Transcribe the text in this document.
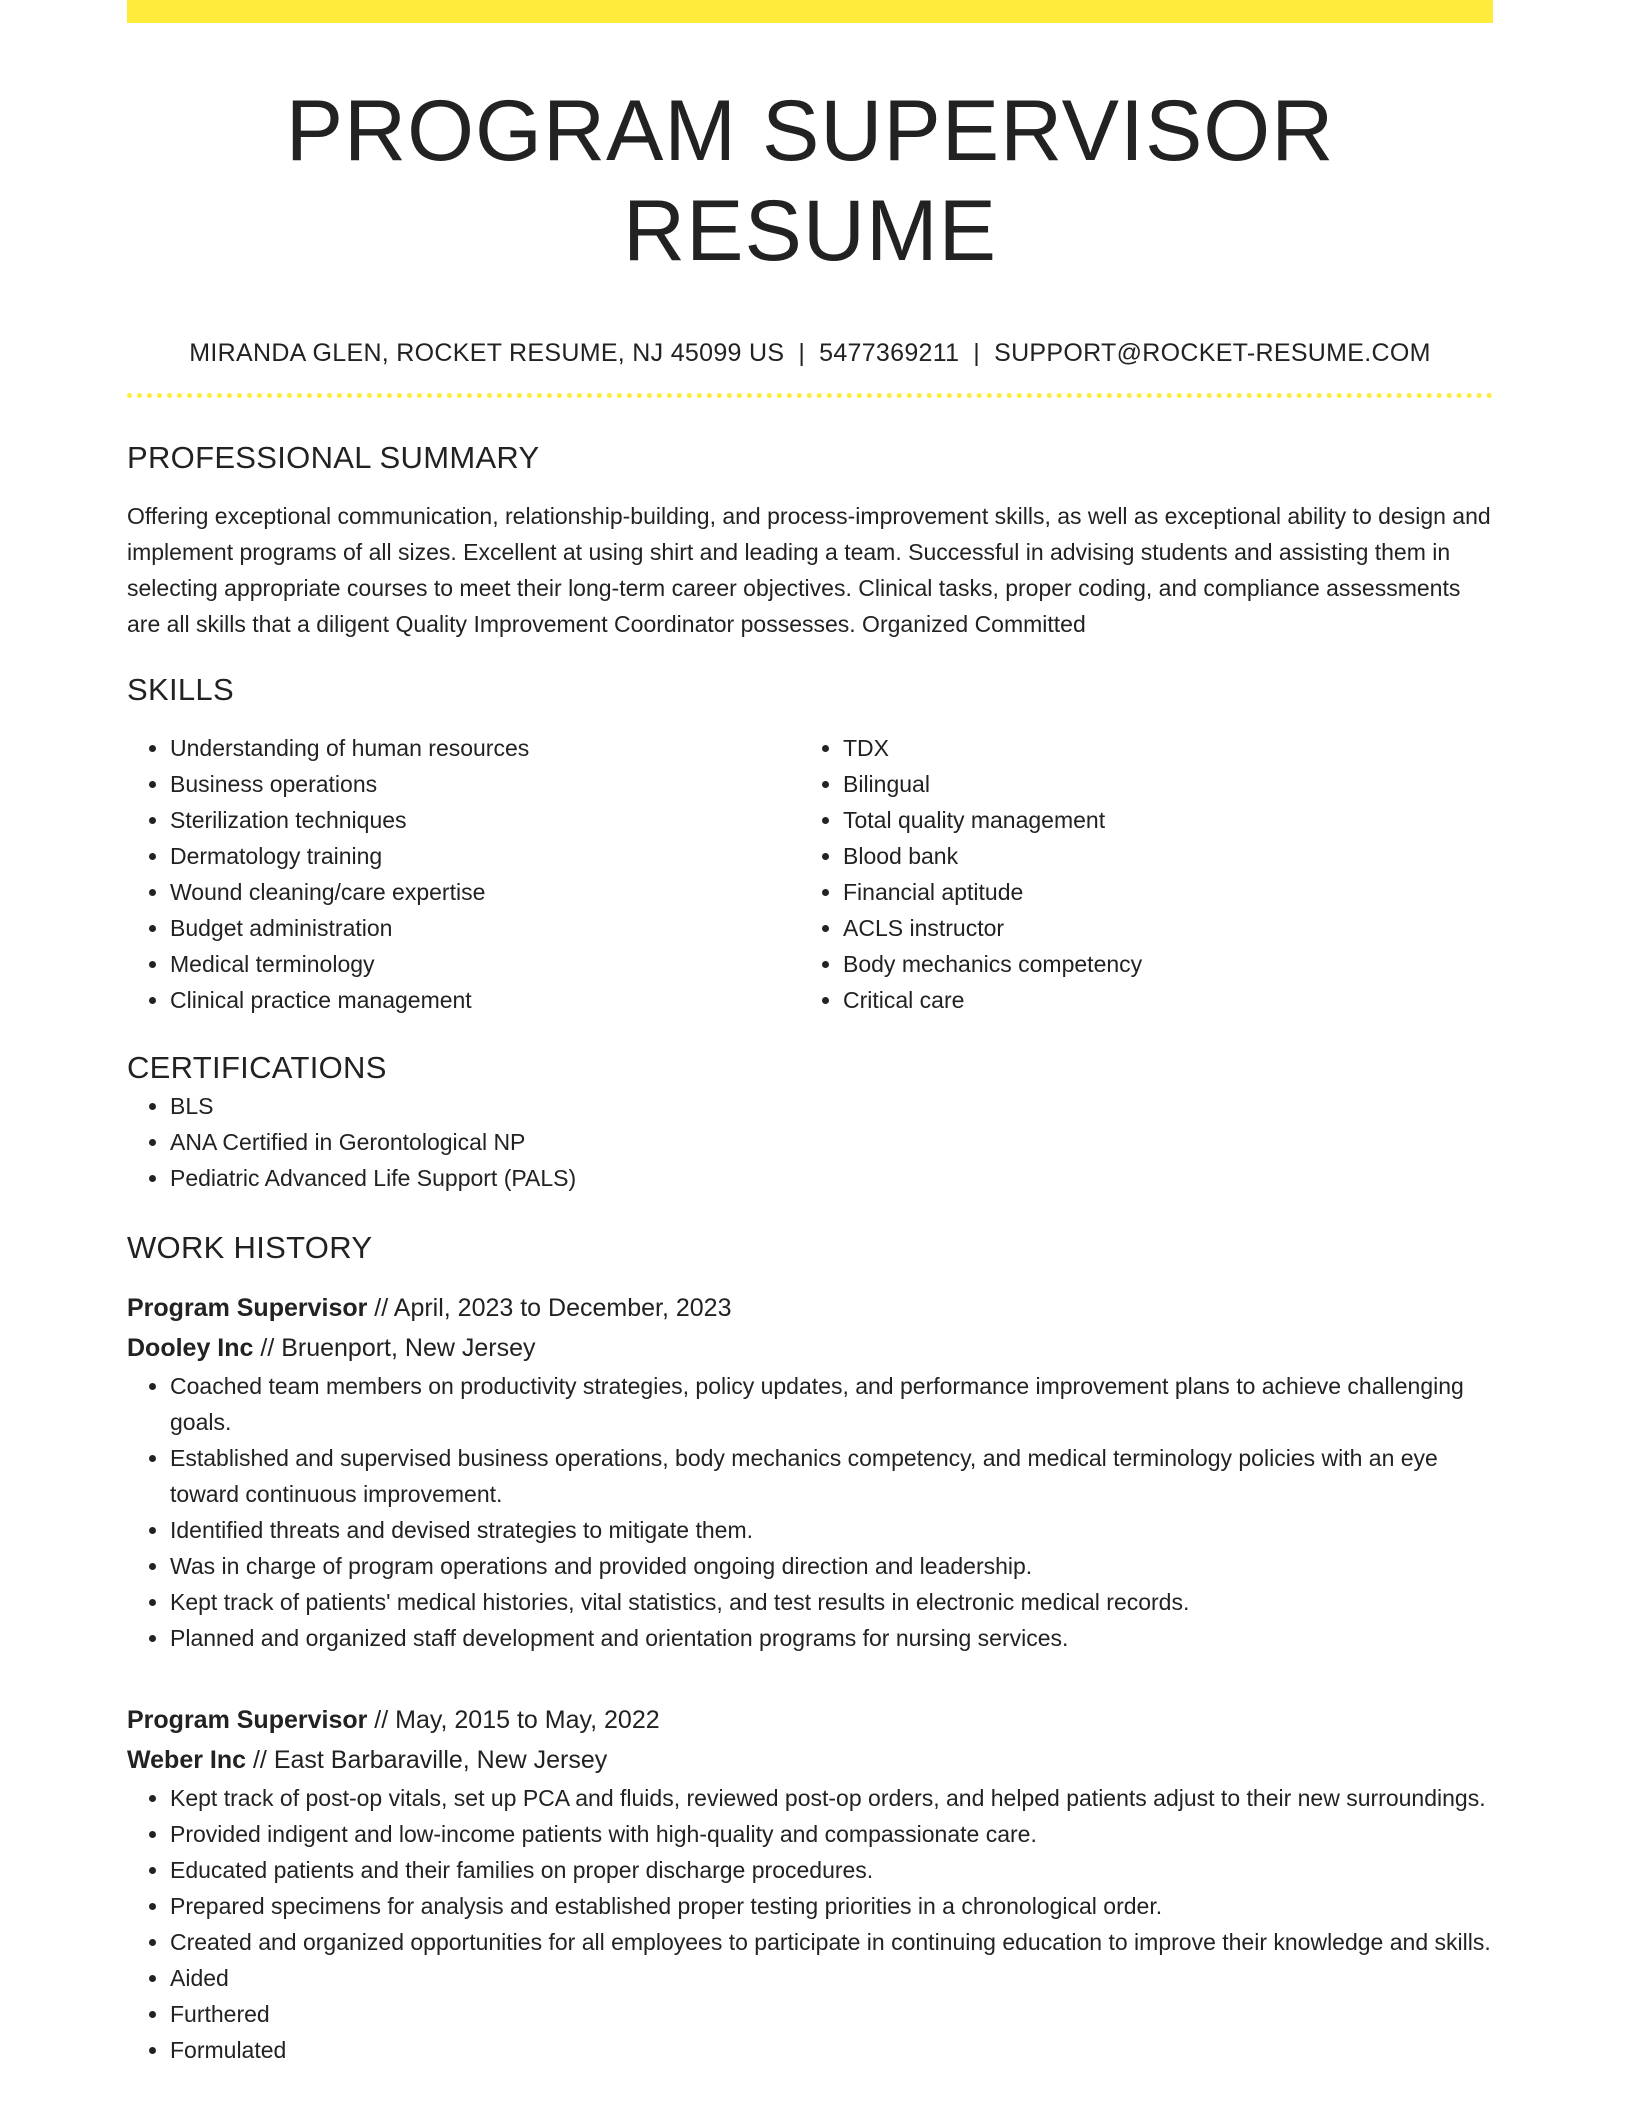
PROGRAM SUPERVISOR RESUME
MIRANDA GLEN, ROCKET RESUME, NJ 45099 US | 5477369211 | SUPPORT@ROCKET-RESUME.COM
PROFESSIONAL SUMMARY
Offering exceptional communication, relationship-building, and process-improvement skills, as well as exceptional ability to design and implement programs of all sizes. Excellent at using shirt and leading a team. Successful in advising students and assisting them in selecting appropriate courses to meet their long-term career objectives. Clinical tasks, proper coding, and compliance assessments are all skills that a diligent Quality Improvement Coordinator possesses. Organized Committed
SKILLS
• Understanding of human resources
• Business operations
• Sterilization techniques
• Dermatology training
• Wound cleaning/care expertise
• Budget administration
• Medical terminology
• Clinical practice management
• TDX
• Bilingual
• Total quality management
• Blood bank
• Financial aptitude
• ACLS instructor
• Body mechanics competency
• Critical care
CERTIFICATIONS
• BLS
• ANA Certified in Gerontological NP
• Pediatric Advanced Life Support (PALS)
WORK HISTORY
Program Supervisor // April, 2023 to December, 2023
Dooley Inc // Bruenport, New Jersey
• Coached team members on productivity strategies, policy updates, and performance improvement plans to achieve challenging goals.
• Established and supervised business operations, body mechanics competency, and medical terminology policies with an eye toward continuous improvement.
• Identified threats and devised strategies to mitigate them.
• Was in charge of program operations and provided ongoing direction and leadership.
• Kept track of patients' medical histories, vital statistics, and test results in electronic medical records.
• Planned and organized staff development and orientation programs for nursing services.
Program Supervisor // May, 2015 to May, 2022
Weber Inc // East Barbaraville, New Jersey
• Kept track of post-op vitals, set up PCA and fluids, reviewed post-op orders, and helped patients adjust to their new surroundings.
• Provided indigent and low-income patients with high-quality and compassionate care.
• Educated patients and their families on proper discharge procedures.
• Prepared specimens for analysis and established proper testing priorities in a chronological order.
• Created and organized opportunities for all employees to participate in continuing education to improve their knowledge and skills.
• Aided
• Furthered
• Formulated
